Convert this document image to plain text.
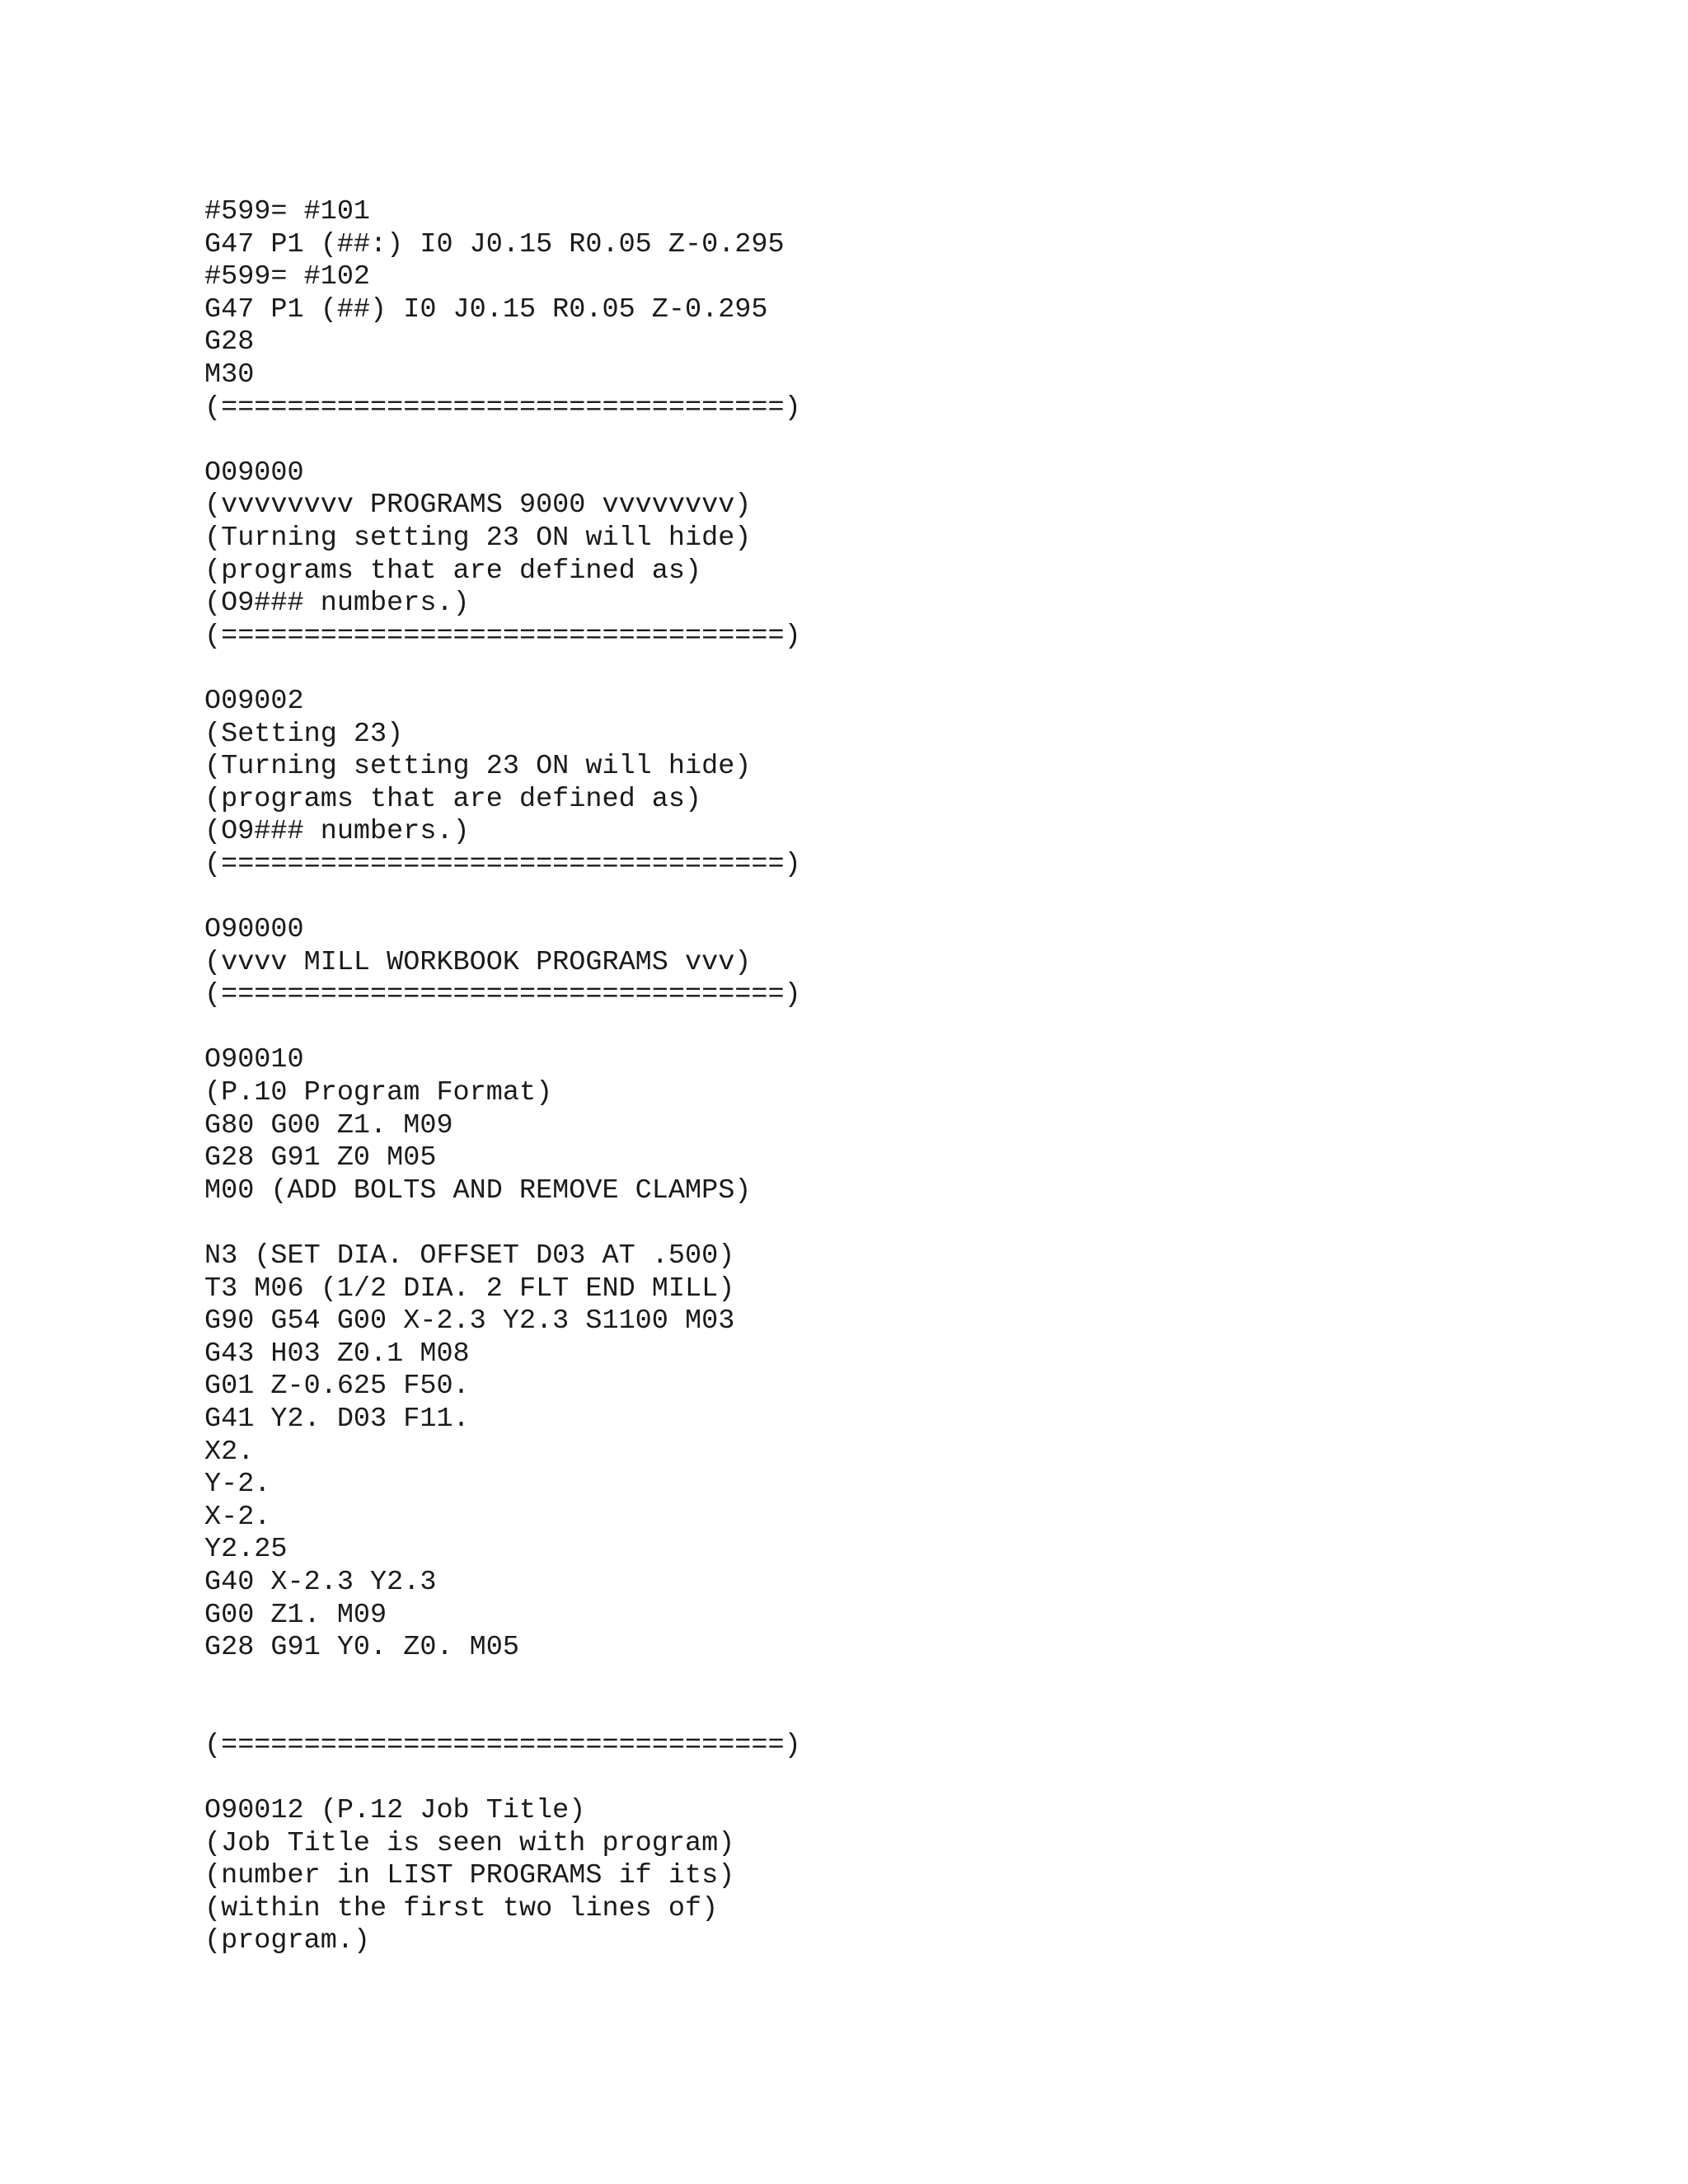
#599= #101
G47 P1 (##:) I0 J0.15 R0.05 Z-0.295
#599= #102
G47 P1 (##) I0 J0.15 R0.05 Z-0.295
G28
M30
(==================================)
O09000
(vvvvvvvv PROGRAMS 9000 vvvvvvvv)
(Turning setting 23 ON will hide)
(programs that are defined as)
(O9### numbers.)
(==================================)
O09002
(Setting 23)
(Turning setting 23 ON will hide)
(programs that are defined as)
(O9### numbers.)
(==================================)
O90000
(vvvv MILL WORKBOOK PROGRAMS vvv)
(==================================)
O90010
(P.10 Program Format)
G80 G00 Z1. M09
G28 G91 Z0 M05
M00 (ADD BOLTS AND REMOVE CLAMPS)
N3 (SET DIA. OFFSET D03 AT .500)
T3 M06 (1/2 DIA. 2 FLT END MILL)
G90 G54 G00 X-2.3 Y2.3 S1100 M03
G43 H03 Z0.1 M08
G01 Z-0.625 F50.
G41 Y2. D03 F11.
X2.
Y-2.
X-2.
Y2.25
G40 X-2.3 Y2.3
G00 Z1. M09
G28 G91 Y0. Z0. M05
(==================================)
O90012 (P.12 Job Title)
(Job Title is seen with program)
(number in LIST PROGRAMS if its)
(within the first two lines of)
(program.)
